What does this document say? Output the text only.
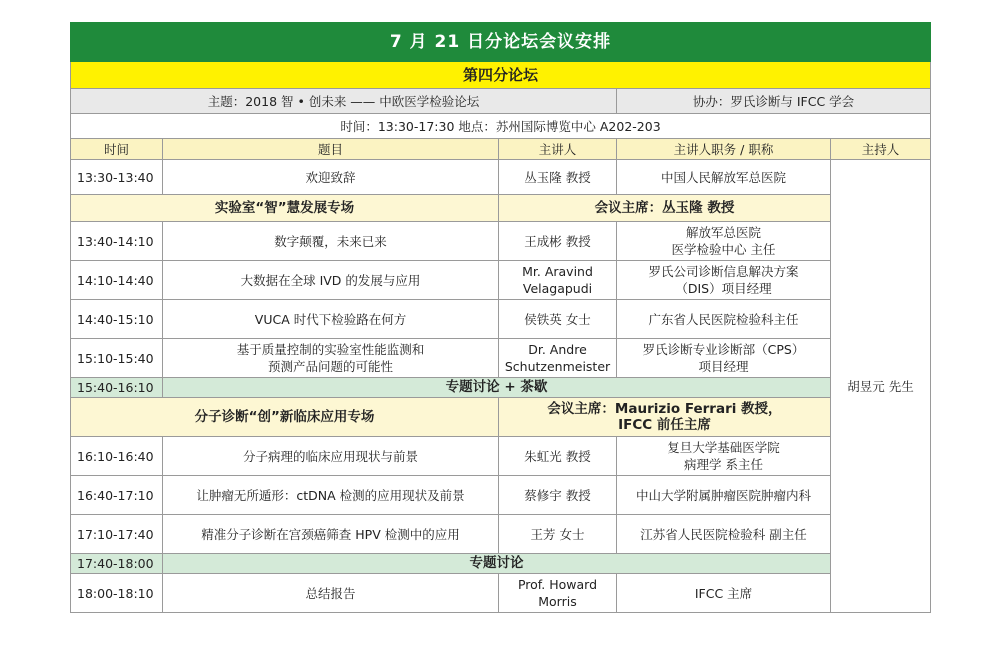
7 月 21 日分论坛会议安排				
第四分论坛				
主题：2018 智 • 创未来 —— 中欧医学检验论坛			协办：罗氏诊断与 IFCC 学会	
时间：13:30-17:30 地点：苏州国际博览中心 A202-203				
时间	题目	主讲人	主讲人职务 / 职称	主持人
13:30-13:40	欢迎致辞	丛玉隆 教授	中国人民解放军总医院	胡昱元 先生
实验室“智”慧发展专场		会议主席：丛玉隆 教授		
13:40-14:10	数字颠覆，未来已来	王成彬 教授	解放军总医院
医学检验中心 主任	

14:10-14:40	大数据在全球 IVD 的发展与应用	Mr. Aravind
Velagapudi	罗氏公司诊断信息解决方案
（DIS）项目经理	

14:40-15:10	VUCA 时代下检验路在何方	侯铁英 女士	广东省人民医院检验科主任	
15:10-15:40	基于质量控制的实验室性能监测和
预测产品问题的可能性	Dr. Andre
Schutzenmeister	罗氏诊断专业诊断部（CPS）
项目经理	

15:40-16:10	专题讨论 + 茶歇			
分子诊断“创”新临床应用专场		会议主席：Maurizio Ferrari 教授，
IFCC 前任主席		

16:10-16:40	分子病理的临床应用现状与前景	朱虹光 教授	复旦大学基础医学院
病理学 系主任	

16:40-17:10	让肿瘤无所遁形：ctDNA 检测的应用现状及前景	蔡修宇 教授	中山大学附属肿瘤医院肿瘤内科	
17:10-17:40	精准分子诊断在宫颈癌筛查 HPV 检测中的应用	王芳 女士	江苏省人民医院检验科 副主任	
17:40-18:00	专题讨论			
18:00-18:10	总结报告	Prof. Howard
Morris	IFCC 主席	
